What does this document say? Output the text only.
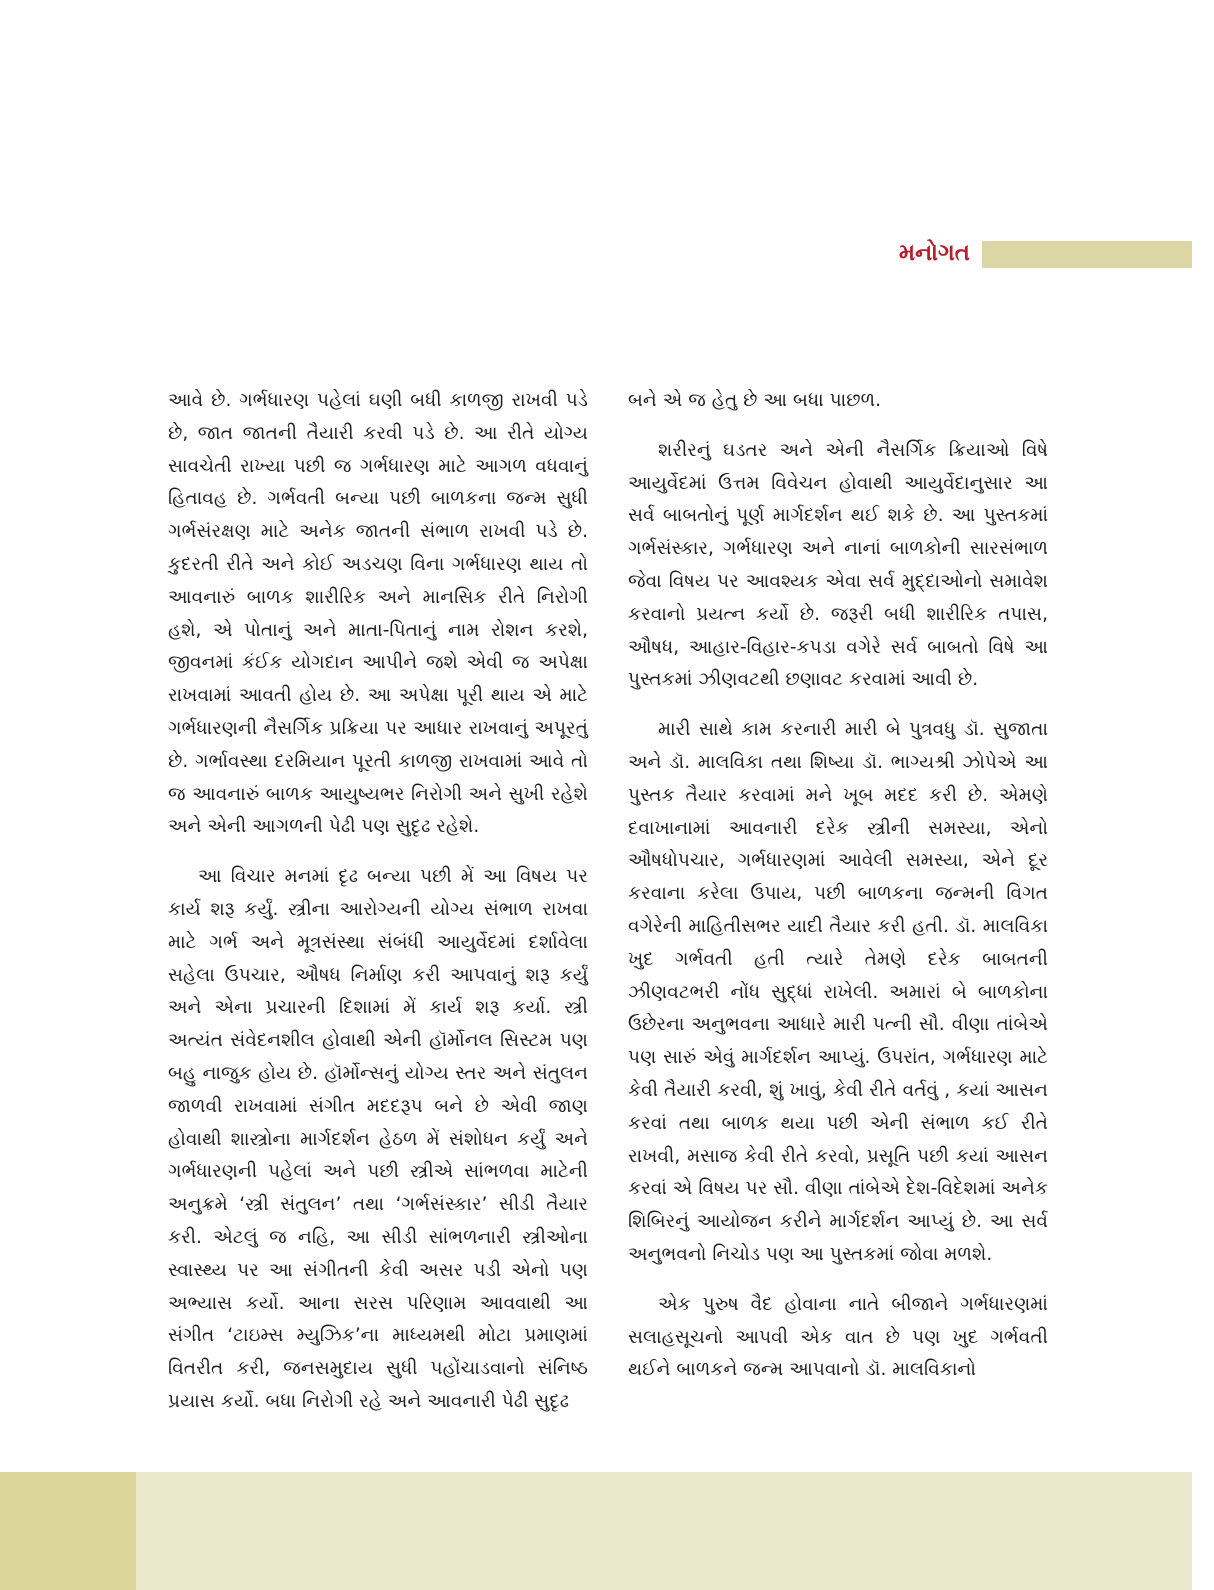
મનોગત

આવે છે. ગર્ભધારણ પહેલાં ઘણી બધી કાળજી રાખવી પડે છે, જાત જાતની તૈયારી કરવી પડે છે. આ રીતે યોગ્ય સાવચેતી રાખ્યા પછી જ ગર્ભધારણ માટે આગળ વધવાનું હિતાવહ છે. ગર્ભવતી બન્યા પછી બાળકના જન્મ સુધી ગર્ભસંરક્ષણ માટે અનેક જાતની સંભાળ રાખવી પડે છે. કુદરતી રીતે અને કોઈ અડચણ વિના ગર્ભધારણ થાય તો આવનારું બાળક શારીરિક અને માનસિક રીતે નિરોગી હશે, એ પોતાનું અને માતા-પિતાનું નામ રોશન કરશે, જીવનમાં કંઈક યોગદાન આપીને જશે એવી જ અપેક્ષા રાખવામાં આવતી હોય છે. આ અપેક્ષા પૂરી થાય એ માટે ગર્ભધારણની નૈસર્ગિક પ્રક્રિયા પર આધાર રાખવાનું અપૂરતું છે. ગર્ભાવસ્થા દરમિયાન પૂરતી કાળજી રાખવામાં આવે તો જ આવનારું બાળક આયુષ્યભર નિરોગી અને સુખી રહેશે અને એની આગળની પેઢી પણ સુદૃઢ રહેશે.

આ વિચાર મનમાં દૃઢ બન્યા પછી મેં આ વિષય પર કાર્ય શરૂ કર્યું. સ્ત્રીના આરોગ્યની યોગ્ય સંભાળ રાખવા માટે ગર્ભ અને મૂત્રસંસ્થા સંબંધી આયુર્વેદમાં દર્શાવેલા સહેલા ઉપચાર, ઔષધ નિર્માણ કરી આપવાનું શરૂ કર્યું અને એના પ્રચારની દિશામાં મેં કાર્ય શરૂ કર્યા. સ્ત્રી અત્યંત સંવેદનશીલ હોવાથી એની હૉર્મોનલ સિસ્ટમ પણ બહુ નાજુક હોય છે. હૉર્મોન્સનું યોગ્ય સ્તર અને સંતુલન જાળવી રાખવામાં સંગીત મદદરૂપ બને છે એવી જાણ હોવાથી શાસ્ત્રોના માર્ગદર્શન હેઠળ મેં સંશોધન કર્યું અને ગર્ભધારણની પહેલાં અને પછી સ્ત્રીએ સાંભળવા માટેની અનુક્રમે ‘સ્ત્રી સંતુલન’ તથા ‘ગર્ભસંસ્કાર’ સીડી તૈયાર કરી. એટલું જ નહિ, આ સીડી સાંભળનારી સ્ત્રીઓના સ્વાસ્થ્ય પર આ સંગીતની કેવી અસર પડી એનો પણ અભ્યાસ કર્યો. આના સરસ પરિણામ આવવાથી આ સંગીત ‘ટાઇમ્સ મ્યુઝિક’ના માધ્યમથી મોટા પ્રમાણમાં વિતરીત કરી, જનસમુદાય સુધી પહોંચાડવાનો સંનિષ્ઠ પ્રયાસ કર્યો. બધા નિરોગી રહે અને આવનારી પેઢી સુદૃઢ

બને એ જ હેતુ છે આ બધા પાછળ.

શરીરનું ઘડતર અને એની નૈસર્ગિક ક્રિયાઓ વિષે આયુર્વેદમાં ઉત્તમ વિવેચન હોવાથી આયુર્વેદાનુસાર આ સર્વ બાબતોનું પૂર્ણ માર્ગદર્શન થઈ શકે છે. આ પુસ્તકમાં ગર્ભસંસ્કાર, ગર્ભધારણ અને નાનાં બાળકોની સારસંભાળ જેવા વિષય પર આવશ્યક એવા સર્વ મુદ્દાઓનો સમાવેશ કરવાનો પ્રયત્ન કર્યો છે. જરૂરી બધી શારીરિક તપાસ, ઔષધ, આહાર-વિહાર-કપડા વગેરે સર્વ બાબતો વિષે આ પુસ્તકમાં ઝીણવટથી છણાવટ કરવામાં આવી છે.

મારી સાથે કામ કરનારી મારી બે પુત્રવધુ ડૉ. સુજાતા અને ડૉ. માલવિકા તથા શિષ્યા ડૉ. ભાગ્યશ્રી ઝોપેએ આ પુસ્તક તૈયાર કરવામાં મને ખૂબ મદદ કરી છે. એમણે દવાખાનામાં આવનારી દરેક સ્ત્રીની સમસ્યા, એનો ઔષધોપચાર, ગર્ભધારણમાં આવેલી સમસ્યા, એને દૂર કરવાના કરેલા ઉપાય, પછી બાળકના જન્મની વિગત વગેરેની માહિતીસભર યાદી તૈયાર કરી હતી. ડૉ. માલવિકા ખુદ ગર્ભવતી હતી ત્યારે તેમણે દરેક બાબતની ઝીણવટભરી નોંધ સુદ્ધાં રાખેલી. અમારાં બે બાળકોના ઉછેરના અનુભવના આધારે મારી પત્ની સૌ. વીણા તાંબેએ પણ સારું એવું માર્ગદર્શન આપ્યું. ઉપરાંત, ગર્ભધારણ માટે કેવી તૈયારી કરવી, શું ખાવું, કેવી રીતે વર્તવું , કયાં આસન કરવાં તથા બાળક થયા પછી એની સંભાળ કઈ રીતે રાખવી, મસાજ કેવી રીતે કરવો, પ્રસૂતિ પછી કયાં આસન કરવાં એ વિષય પર સૌ. વીણા તાંબેએ દેશ-વિદેશમાં અનેક શિબિરનું આયોજન કરીને માર્ગદર્શન આપ્યું છે. આ સર્વ અનુભવનો નિચોડ પણ આ પુસ્તકમાં જોવા મળશે.

એક પુરુષ વૈદ હોવાના નાતે બીજાને ગર્ભધારણમાં સલાહસૂચનો આપવી એક વાત છે પણ ખુદ ગર્ભવતી થઈને બાળકને જન્મ આપવાનો ડૉ. માલવિકાનો
